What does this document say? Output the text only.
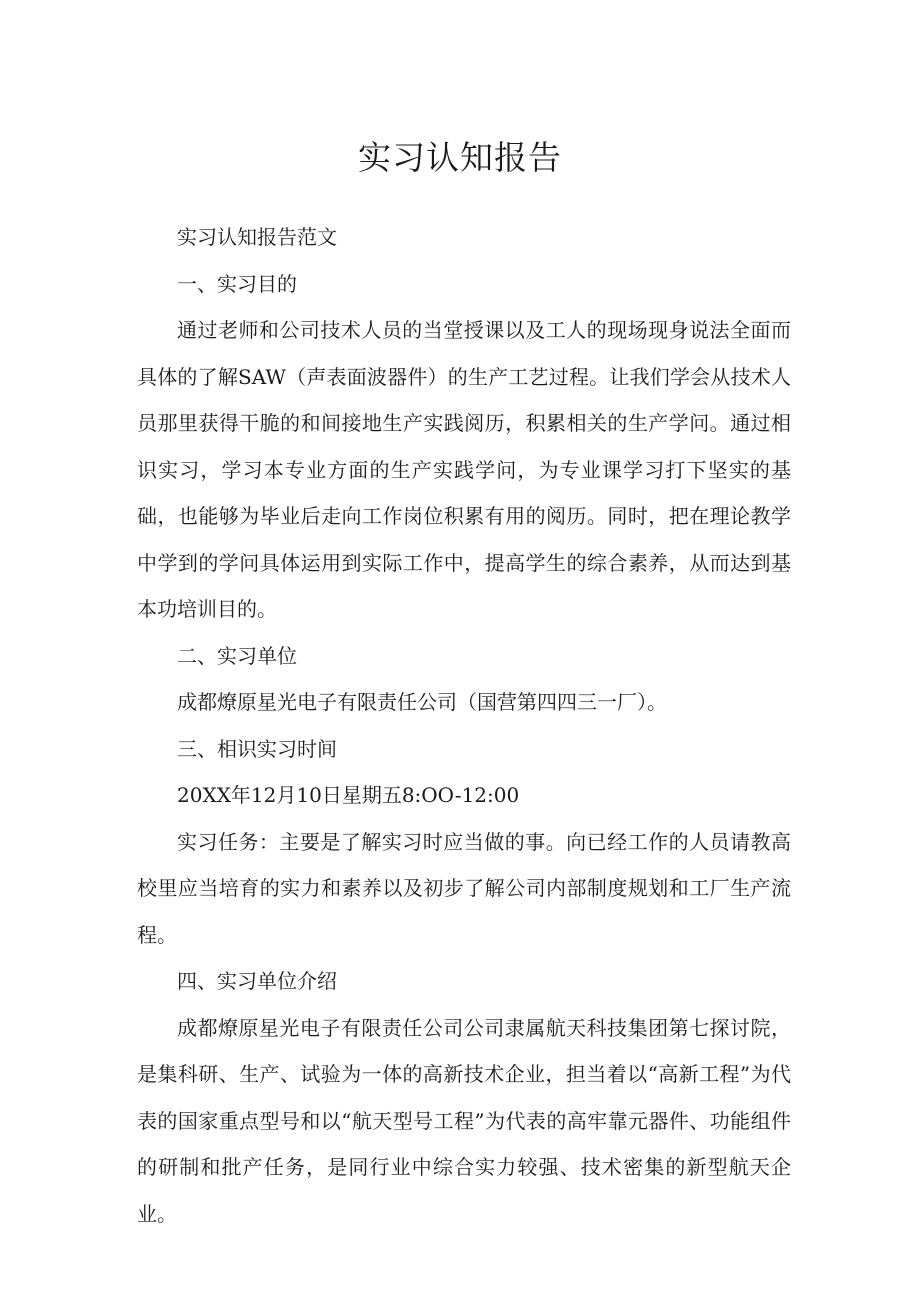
实习认知报告

实习认知报告范文

一、实习目的

通过老师和公司技术人员的当堂授课以及工人的现场现身说法全面而具体的了解SAW（声表面波器件）的生产工艺过程。让我们学会从技术人员那里获得干脆的和间接地生产实践阅历，积累相关的生产学问。通过相识实习，学习本专业方面的生产实践学问，为专业课学习打下坚实的基础，也能够为毕业后走向工作岗位积累有用的阅历。同时，把在理论教学中学到的学问具体运用到实际工作中，提高学生的综合素养，从而达到基本功培训目的。

二、实习单位

成都燎原星光电子有限责任公司（国营第四四三一厂）。

三、相识实习时间

20XX年12月10日星期五8:OO-12:00

实习任务：主要是了解实习时应当做的事。向已经工作的人员请教高校里应当培育的实力和素养以及初步了解公司内部制度规划和工厂生产流程。

四、实习单位介绍

成都燎原星光电子有限责任公司公司隶属航天科技集团第七探讨院，是集科研、生产、试验为一体的高新技术企业，担当着以“高新工程”为代表的国家重点型号和以“航天型号工程”为代表的高牢靠元器件、功能组件的研制和批产任务，是同行业中综合实力较强、技术密集的新型航天企业。
